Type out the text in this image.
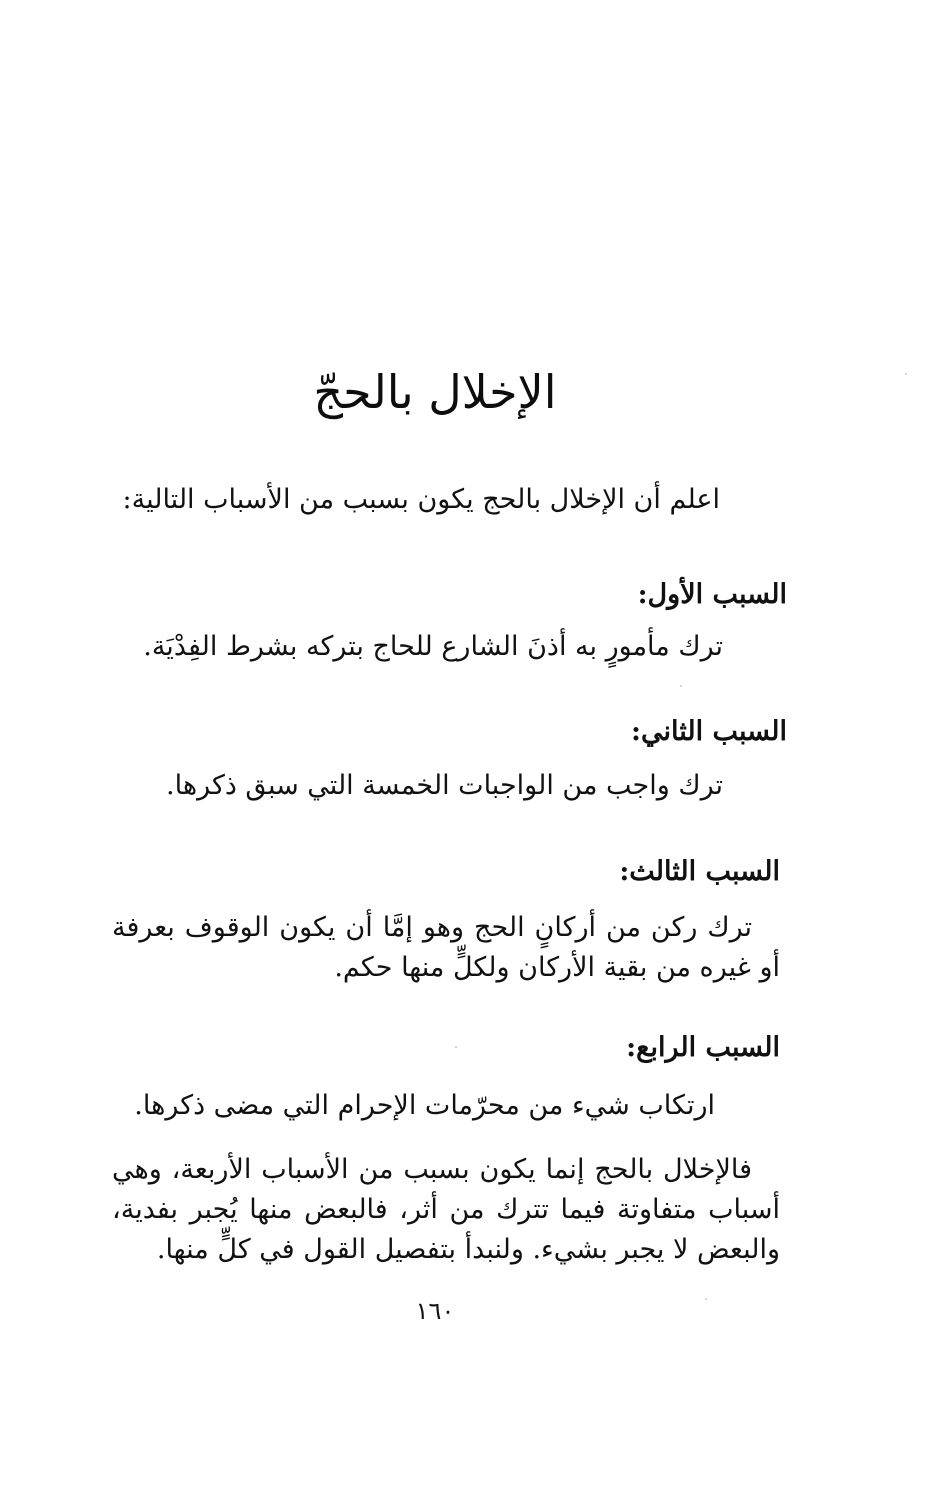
الإخلال بالحجّ
اعلم أن الإخلال بالحج يكون بسبب من الأسباب التالية:
السبب الأول:
ترك مأمورٍ به أذنَ الشارع للحاج بتركه بشرط الفِدْيَة.
السبب الثاني:
ترك واجب من الواجبات الخمسة التي سبق ذكرها.
السبب الثالث:
ترك ركن من أركانٍ الحج وهو إمَّا أن يكون الوقوف بعرفة أو غيره من بقية الأركان ولكلٍّ منها حكم.
السبب الرابع:
ارتكاب شيء من محرّمات الإحرام التي مضى ذكرها.
فالإخلال بالحج إنما يكون بسبب من الأسباب الأربعة، وهي أسباب متفاوتة فيما تترك من أثر، فالبعض منها يُجبر بفدية، والبعض لا يجبر بشيء. ولنبدأ بتفصيل القول في كلٍّ منها.
١٦٠
